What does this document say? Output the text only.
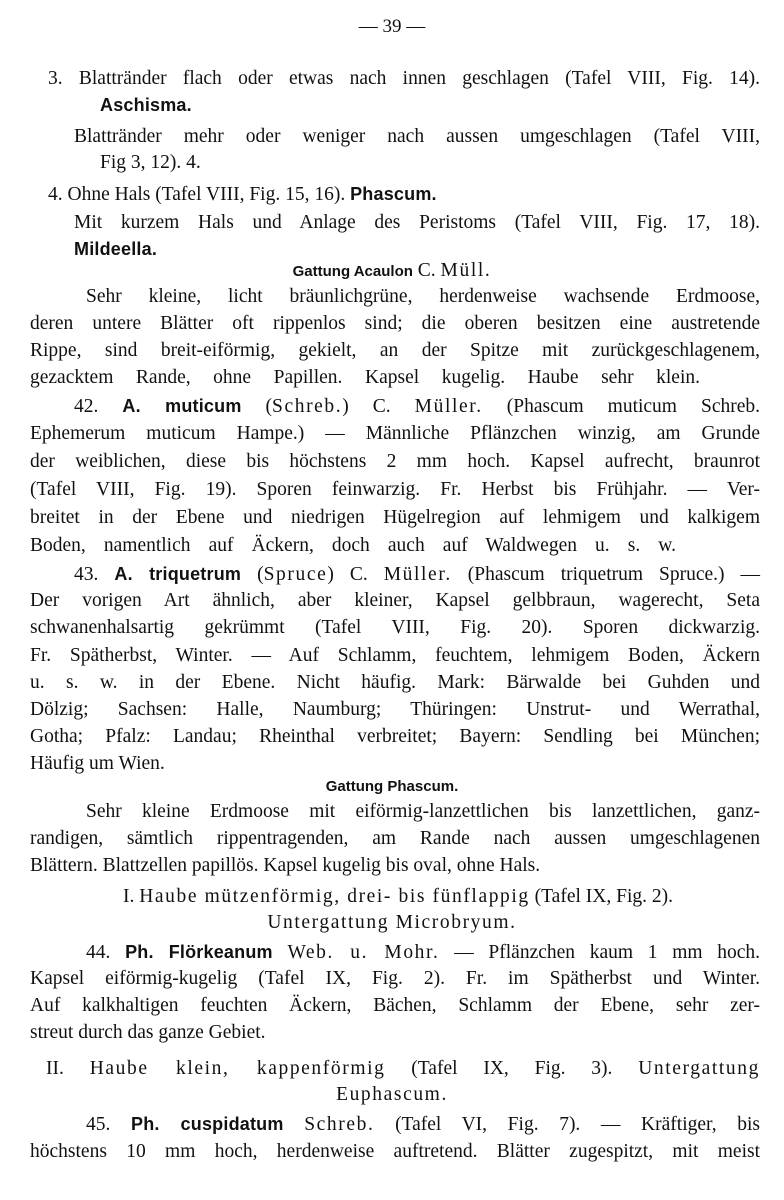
— 39 —
3. Blattränder flach oder etwas nach innen geschlagen (Tafel VIII, Fig. 14).
Aschisma.
Blattränder mehr oder weniger nach aussen umgeschlagen (Tafel VIII,
Fig 3, 12). 4.
4. Ohne Hals (Tafel VIII, Fig. 15, 16). Phascum.
Mit kurzem Hals und Anlage des Peristoms (Tafel VIII, Fig. 17, 18).
Mildeella.
Gattung Acaulon C. Müll.
Sehr kleine, licht bräunlichgrüne, herdenweise wachsende Erdmoose,
deren untere Blätter oft rippenlos sind; die oberen besitzen eine austretende
Rippe, sind breit-eiförmig, gekielt, an der Spitze mit zurückgeschlagenem,
gezacktem Rande, ohne Papillen. Kapsel kugelig. Haube sehr klein.
42. A. muticum (Schreb.) C. Müller. (Phascum muticum Schreb.
Ephemerum muticum Hampe.) — Männliche Pflänzchen winzig, am Grunde
der weiblichen, diese bis höchstens 2 mm hoch. Kapsel aufrecht, braunrot
(Tafel VIII, Fig. 19). Sporen feinwarzig. Fr. Herbst bis Frühjahr. — Ver-
breitet in der Ebene und niedrigen Hügelregion auf lehmigem und kalkigem
Boden, namentlich auf Äckern, doch auch auf Waldwegen u. s. w.
43. A. triquetrum (Spruce) C. Müller. (Phascum triquetrum Spruce.) —
Der vorigen Art ähnlich, aber kleiner, Kapsel gelbbraun, wagerecht, Seta
schwanenhalsartig gekrümmt (Tafel VIII, Fig. 20). Sporen dickwarzig.
Fr. Spätherbst, Winter. — Auf Schlamm, feuchtem, lehmigem Boden, Äckern
u. s. w. in der Ebene. Nicht häufig. Mark: Bärwalde bei Guhden und
Dölzig; Sachsen: Halle, Naumburg; Thüringen: Unstrut- und Werrathal,
Gotha; Pfalz: Landau; Rheinthal verbreitet; Bayern: Sendling bei München;
Häufig um Wien.
Gattung Phascum.
Sehr kleine Erdmoose mit eiförmig-lanzettlichen bis lanzettlichen, ganz-
randigen, sämtlich rippentragenden, am Rande nach aussen umgeschlagenen
Blättern. Blattzellen papillös. Kapsel kugelig bis oval, ohne Hals.
I. Haube mützenförmig, drei- bis fünflappig (Tafel IX, Fig. 2).
Untergattung Microbryum.
44. Ph. Flörkeanum Web. u. Mohr. — Pflänzchen kaum 1 mm hoch.
Kapsel eiförmig-kugelig (Tafel IX, Fig. 2). Fr. im Spätherbst und Winter.
Auf kalkhaltigen feuchten Äckern, Bächen, Schlamm der Ebene, sehr zer-
streut durch das ganze Gebiet.
II. Haube klein, kappenförmig (Tafel IX, Fig. 3). Untergattung
Euphascum.
45. Ph. cuspidatum Schreb. (Tafel VI, Fig. 7). — Kräftiger, bis
höchstens 10 mm hoch, herdenweise auftretend. Blätter zugespitzt, mit meist
